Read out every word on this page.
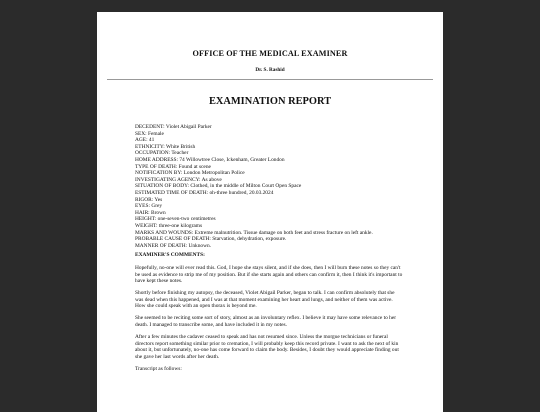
OFFICE OF THE MEDICAL EXAMINER
Dr. S. Rashid
EXAMINATION REPORT
DECEDENT: Violet Abigail Parker
SEX: Female
AGE: 41
ETHNICITY: White British
OCCUPATION: Teacher
HOME ADDRESS: 74 Willowtree Close, Ickenham, Greater London
TYPE OF DEATH: Found at scene
NOTIFICATION BY: London Metropolitan Police
INVESTIGATING AGENCY: As above
SITUATION OF BODY: Clothed, in the middle of Milton Court Open Space
ESTIMATED TIME OF DEATH: oh-three hundred, 20.03.2024
RIGOR: Yes
EYES: Grey
HAIR: Brown
HEIGHT: one-seven-two centimetres
WEIGHT: three-one kilograms
MARKS AND WOUNDS: Extreme malnutrition. Tissue damage on both feet and stress fracture on left ankle.
PROBABLE CAUSE OF DEATH: Starvation, dehydration, exposure.
MANNER OF DEATH: Unknown.
EXAMINER'S COMMENTS:

Hopefully, no-one will ever read this. God, I hope she stays silent, and if she does, then I will burn these notes so they can't be used as evidence to strip me of my position. But if she starts again and others can confirm it, then I think it's important to have kept these notes.

Shortly before finishing my autopsy, the deceased, Violet Abigail Parker, began to talk. I can confirm absolutely that she was dead when this happened, and I was at that moment examining her heart and lungs, and neither of them was active. How she could speak with an open thorax is beyond me.

She seemed to be reciting some sort of story, almost as an involuntary reflex. I believe it may have some relevance to her death. I managed to transcribe some, and have included it in my notes.

After a few minutes the cadaver ceased to speak and has not resumed since. Unless the morgue technicians or funeral directors report something similar prior to cremation, I will probably keep this record private. I want to ask the next of kin about it, but unfortunately, no-one has come forward to claim the body. Besides, I doubt they would appreciate finding out she gave her last words after her death.

Transcript as follows:
